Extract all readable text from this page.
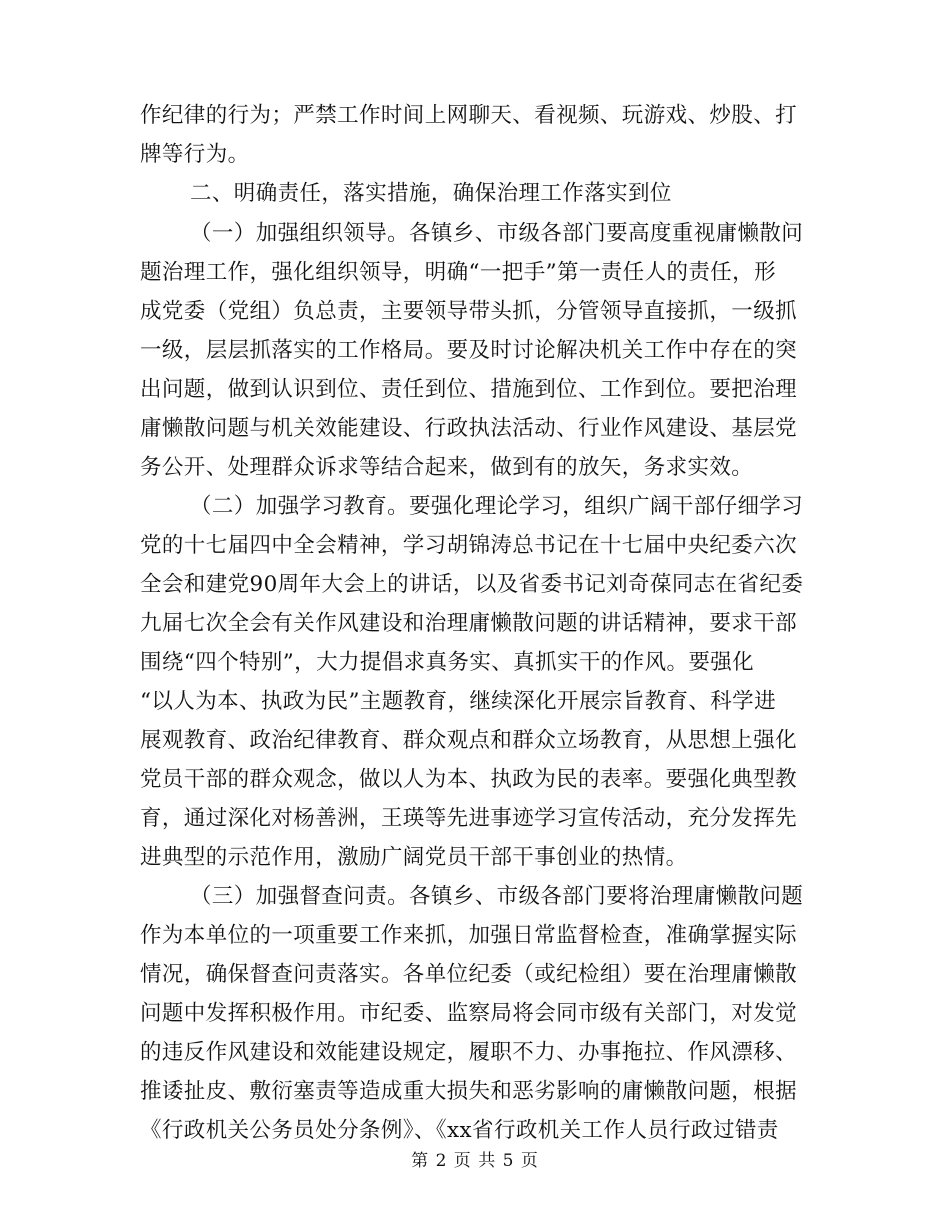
作纪律的行为；严禁工作时间上网聊天、看视频、玩游戏、炒股、打
牌等行为。
二、明确责任，落实措施，确保治理工作落实到位
（一）加强组织领导。各镇乡、市级各部门要高度重视庸懒散问
题治理工作，强化组织领导，明确“一把手”第一责任人的责任，形
成党委（党组）负总责，主要领导带头抓，分管领导直接抓，一级抓
一级，层层抓落实的工作格局。要及时讨论解决机关工作中存在的突
出问题，做到认识到位、责任到位、措施到位、工作到位。要把治理
庸懒散问题与机关效能建设、行政执法活动、行业作风建设、基层党
务公开、处理群众诉求等结合起来，做到有的放矢，务求实效。
（二）加强学习教育。要强化理论学习，组织广阔干部仔细学习
党的十七届四中全会精神，学习胡锦涛总书记在十七届中央纪委六次
全会和建党90周年大会上的讲话，以及省委书记刘奇葆同志在省纪委
九届七次全会有关作风建设和治理庸懒散问题的讲话精神，要求干部
围绕“四个特别”，大力提倡求真务实、真抓实干的作风。要强化
“以人为本、执政为民”主题教育，继续深化开展宗旨教育、科学进
展观教育、政治纪律教育、群众观点和群众立场教育，从思想上强化
党员干部的群众观念，做以人为本、执政为民的表率。要强化典型教
育，通过深化对杨善洲，王瑛等先进事迹学习宣传活动，充分发挥先
进典型的示范作用，激励广阔党员干部干事创业的热情。
（三）加强督查问责。各镇乡、市级各部门要将治理庸懒散问题
作为本单位的一项重要工作来抓，加强日常监督检查，准确掌握实际
情况，确保督查问责落实。各单位纪委（或纪检组）要在治理庸懒散
问题中发挥积极作用。市纪委、监察局将会同市级有关部门，对发觉
的违反作风建设和效能建设规定，履职不力、办事拖拉、作风漂移、
推诿扯皮、敷衍塞责等造成重大损失和恶劣影响的庸懒散问题，根据
《行政机关公务员处分条例》、《xx省行政机关工作人员行政过错责
第 2 页 共 5 页
